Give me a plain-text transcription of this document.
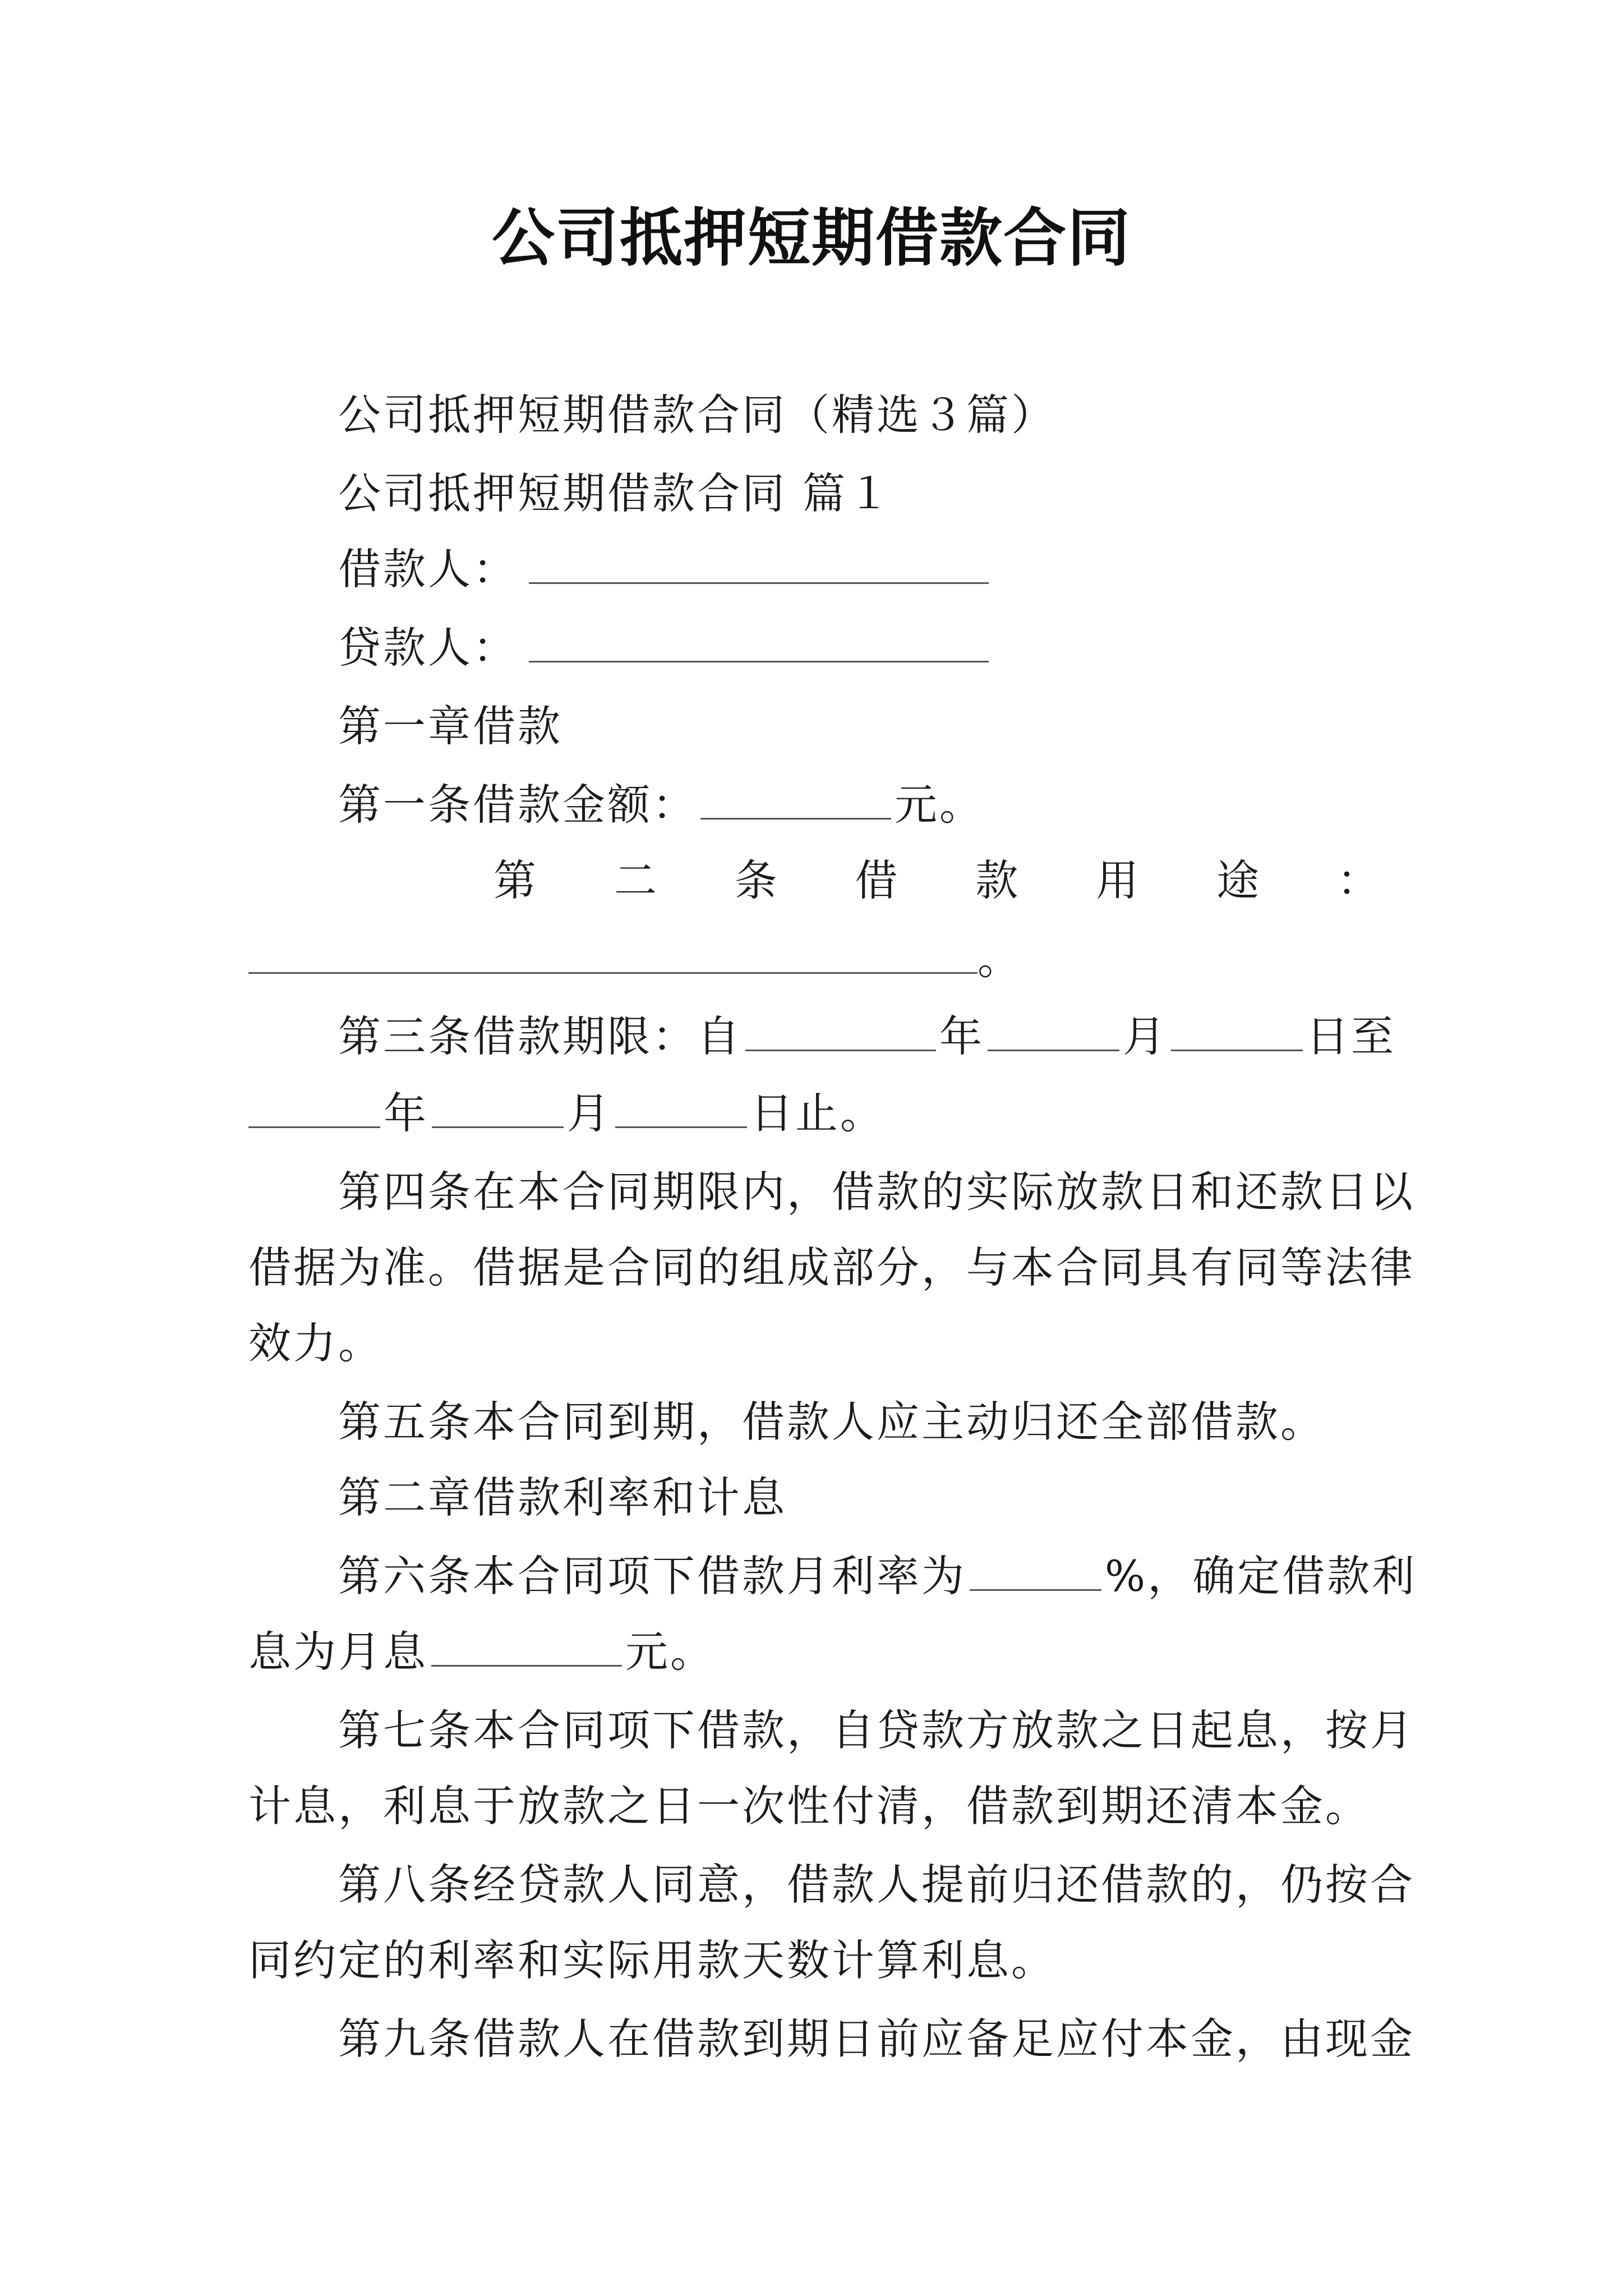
公司抵押短期借款合同
公司抵押短期借款合同（精选３篇）
公司抵押短期借款合同 篇１
借款人：
贷款人：
第一章借款
第一条借款金额：	元。
第 二 条 借 款 用 途 ：
。
第三条借款期限：自	年	月	日至
年	月	日止。
第四条在本合同期限内，借款的实际放款日和还款日以
借据为准。借据是合同的组成部分，与本合同具有同等法律
效力。
第五条本合同到期，借款人应主动归还全部借款。
第二章借款利率和计息
第六条本合同项下借款月利率为	%，确定借款利
息为月息	元。
第七条本合同项下借款，自贷款方放款之日起息，按月
计息，利息于放款之日一次性付清，借款到期还清本金。
第八条经贷款人同意，借款人提前归还借款的，仍按合
同约定的利率和实际用款天数计算利息。
第九条借款人在借款到期日前应备足应付本金，由现金
